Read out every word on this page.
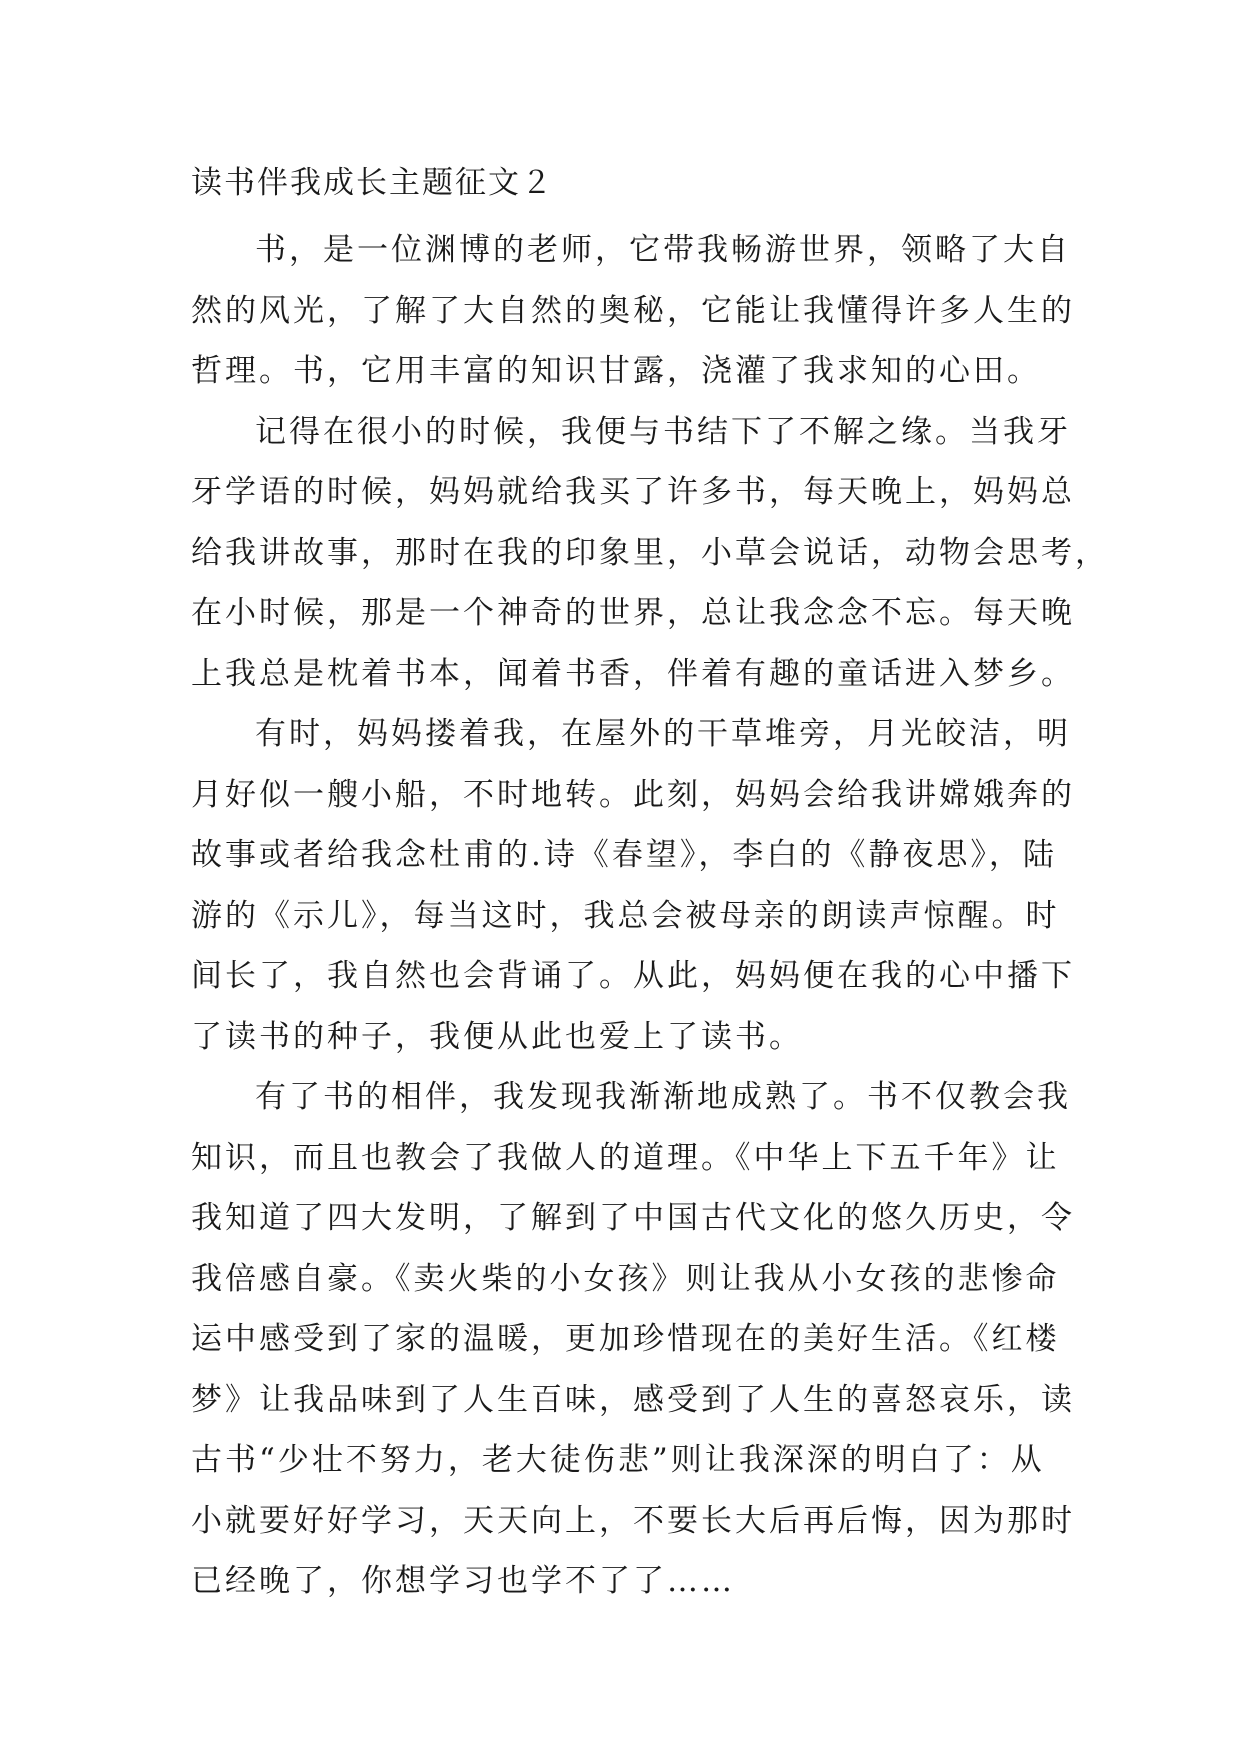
读书伴我成长主题征文２

书，是一位渊博的老师，它带我畅游世界，领略了大自

然的风光，了解了大自然的奥秘，它能让我懂得许多人生的

哲理。书，它用丰富的知识甘露，浇灌了我求知的心田。

记得在很小的时候，我便与书结下了不解之缘。当我牙

牙学语的时候，妈妈就给我买了许多书，每天晚上，妈妈总

给我讲故事，那时在我的印象里，小草会说话，动物会思考，

在小时候，那是一个神奇的世界，总让我念念不忘。每天晚

上我总是枕着书本，闻着书香，伴着有趣的童话进入梦乡。

有时，妈妈搂着我，在屋外的干草堆旁，月光皎洁，明

月好似一艘小船，不时地转。此刻，妈妈会给我讲嫦娥奔的

故事或者给我念杜甫的.诗《春望》，李白的《静夜思》，陆

游的《示儿》，每当这时，我总会被母亲的朗读声惊醒。时

间长了，我自然也会背诵了。从此，妈妈便在我的心中播下

了读书的种子，我便从此也爱上了读书。

有了书的相伴，我发现我渐渐地成熟了。书不仅教会我

知识，而且也教会了我做人的道理。《中华上下五千年》让

我知道了四大发明，了解到了中国古代文化的悠久历史，令

我倍感自豪。《卖火柴的小女孩》则让我从小女孩的悲惨命

运中感受到了家的温暖，更加珍惜现在的美好生活。《红楼

梦》让我品味到了人生百味，感受到了人生的喜怒哀乐，读

古书“少壮不努力，老大徒伤悲”则让我深深的明白了：从

小就要好好学习，天天向上，不要长大后再后悔，因为那时

已经晚了，你想学习也学不了了……
